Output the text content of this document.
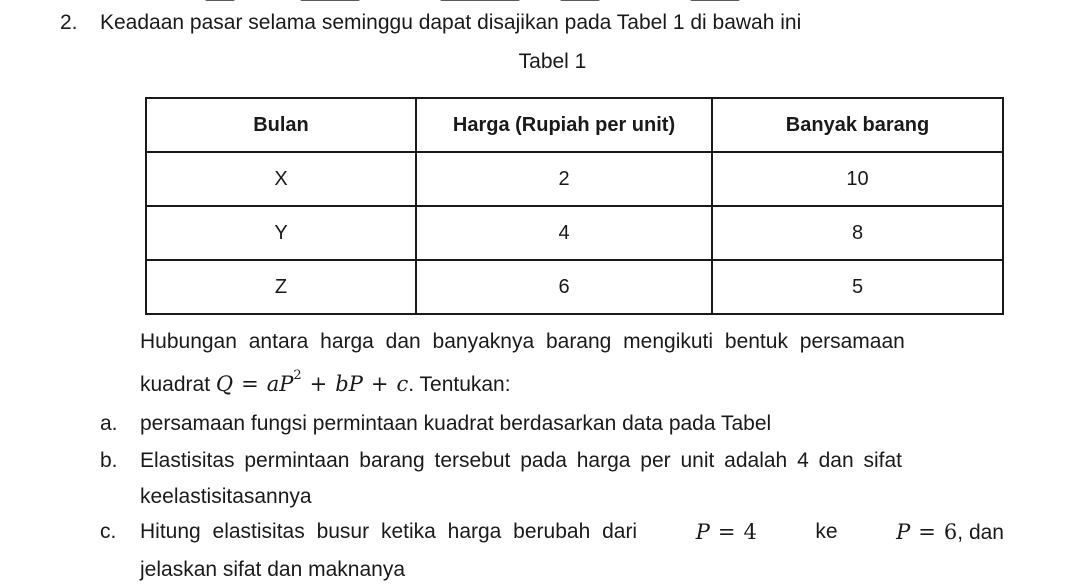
2. Keadaan pasar selama seminggu dapat disajikan pada Tabel 1 di bawah ini
Tabel 1
Bulan	Harga (Rupiah per unit)	Banyak barang
X	2	10
Y	4	8
Z	6	5
Hubungan antara harga dan banyaknya barang mengikuti bentuk persamaan
kuadrat $Q = aP^2$ + bP + c. Tentukan:
a. persamaan fungsi permintaan kuadrat berdasarkan data pada Tabel
b. Elastisitas permintaan barang tersebut pada harga per unit adalah 4 dan sifat
keelastisitasannya
c. Hitung elastisitas busur ketika harga berubah dari	P = 4	ke	P = 6, dan
jelaskan sifat dan maknanya
